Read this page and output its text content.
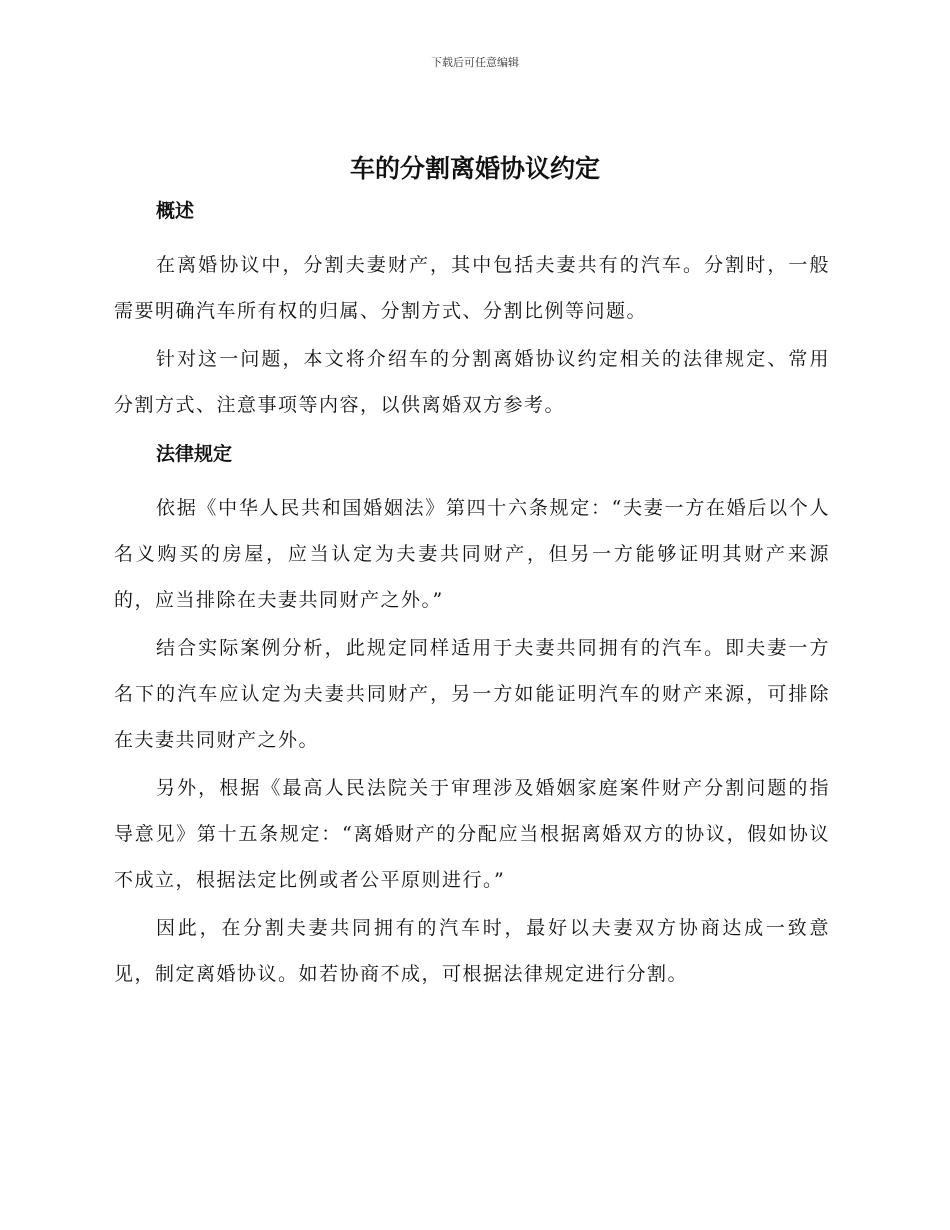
下载后可任意编辑
车的分割离婚协议约定
概述

在离婚协议中，分割夫妻财产，其中包括夫妻共有的汽车。分割时，一般需要明确汽车所有权的归属、分割方式、分割比例等问题。

针对这一问题，本文将介绍车的分割离婚协议约定相关的法律规定、常用分割方式、注意事项等内容，以供离婚双方参考。

法律规定

依据《中华人民共和国婚姻法》第四十六条规定：“夫妻一方在婚后以个人名义购买的房屋，应当认定为夫妻共同财产，但另一方能够证明其财产来源的，应当排除在夫妻共同财产之外。”

结合实际案例分析，此规定同样适用于夫妻共同拥有的汽车。即夫妻一方名下的汽车应认定为夫妻共同财产，另一方如能证明汽车的财产来源，可排除在夫妻共同财产之外。

另外，根据《最高人民法院关于审理涉及婚姻家庭案件财产分割问题的指导意见》第十五条规定：“离婚财产的分配应当根据离婚双方的协议，假如协议不成立，根据法定比例或者公平原则进行。”

因此，在分割夫妻共同拥有的汽车时，最好以夫妻双方协商达成一致意见，制定离婚协议。如若协商不成，可根据法律规定进行分割。
